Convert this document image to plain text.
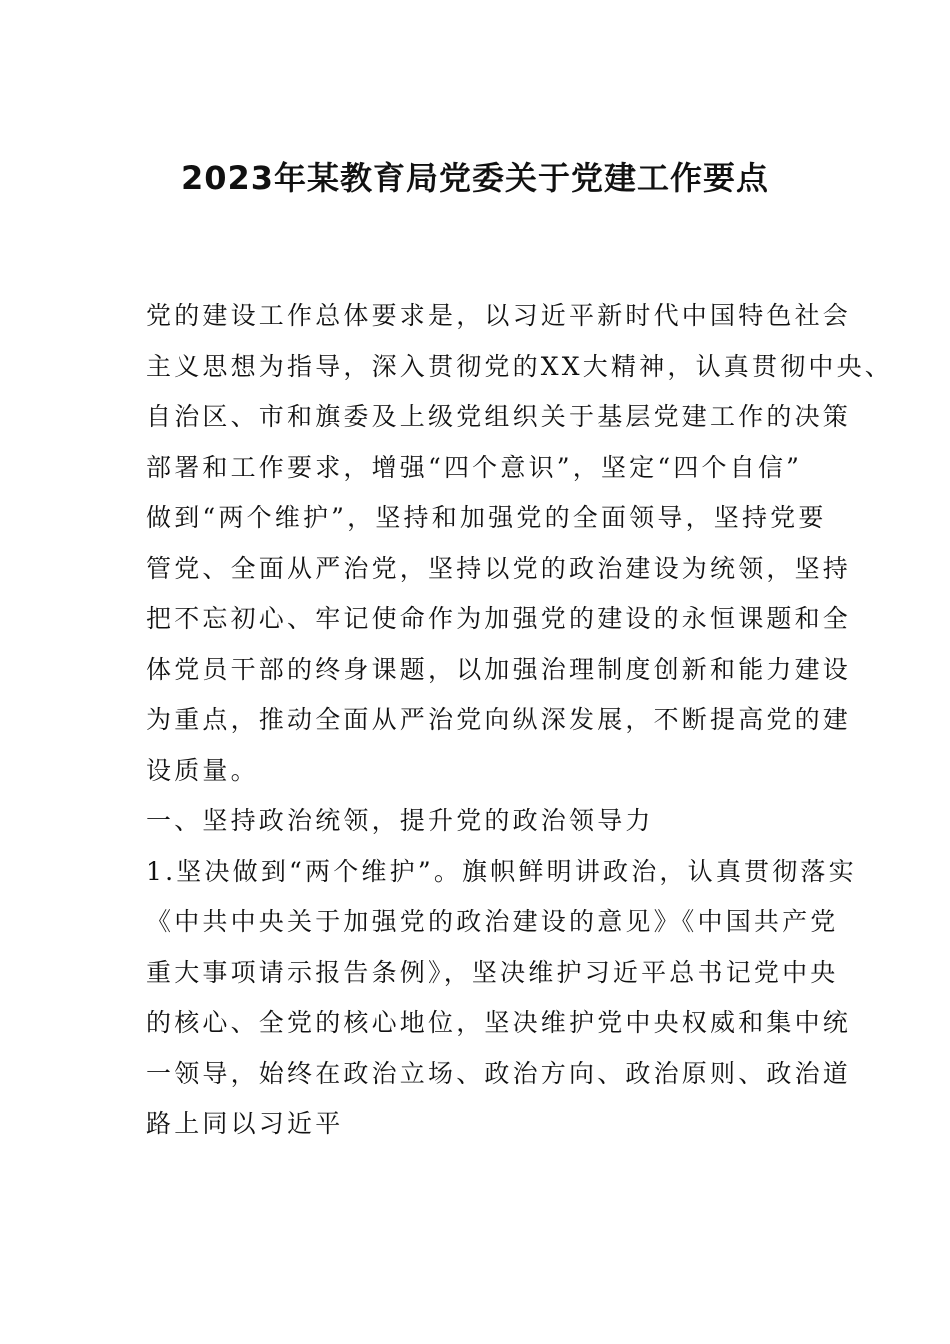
2023年某教育局党委关于党建工作要点
党的建设工作总体要求是，以习近平新时代中国特色社会
主义思想为指导，深入贯彻党的XX大精神，认真贯彻中央、
自治区、市和旗委及上级党组织关于基层党建工作的决策
部署和工作要求，增强“四个意识”，坚定“四个自信”
做到“两个维护”，坚持和加强党的全面领导，坚持党要
管党、全面从严治党，坚持以党的政治建设为统领，坚持
把不忘初心、牢记使命作为加强党的建设的永恒课题和全
体党员干部的终身课题，以加强治理制度创新和能力建设
为重点，推动全面从严治党向纵深发展，不断提高党的建
设质量。
一、坚持政治统领，提升党的政治领导力
1.坚决做到“两个维护”。旗帜鲜明讲政治，认真贯彻落实
《中共中央关于加强党的政治建设的意见》《中国共产党
重大事项请示报告条例》，坚决维护习近平总书记党中央
的核心、全党的核心地位，坚决维护党中央权威和集中统
一领导，始终在政治立场、政治方向、政治原则、政治道
路上同以习近平
